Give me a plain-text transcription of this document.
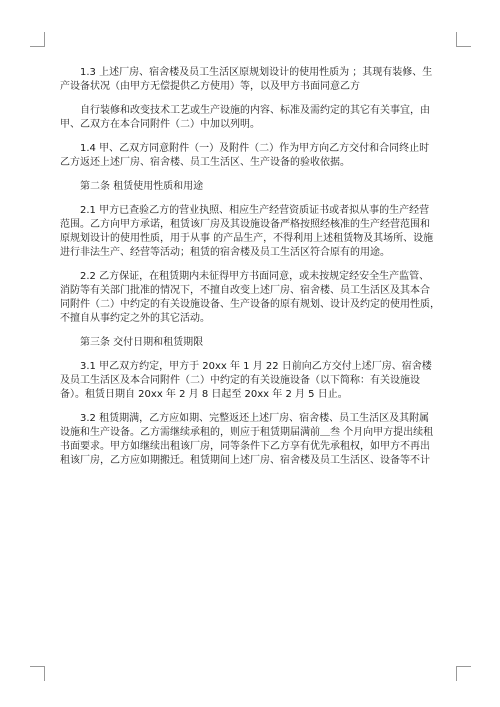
1.3 上述厂房、宿舍楼及员工生活区原规划设计的使用性质为 ；其现有装修、生
产设备状况（由甲方无偿提供乙方使用）等，以及甲方书面同意乙方
自行装修和改变技术工艺或生产设施的内容、标准及需约定的其它有关事宜，由
甲、乙双方在本合同附件（二）中加以列明。
1.4 甲、乙双方同意附件（一）及附件（二）作为甲方向乙方交付和合同终止时
乙方返还上述厂房、宿舍楼、员工生活区、生产设备的验收依据。
第二条 租赁使用性质和用途
2.1 甲方已查验乙方的营业执照、相应生产经营资质证书或者拟从事的生产经营
范围。乙方向甲方承诺，租赁该厂房及其设施设备严格按照经核准的生产经营范围和
原规划设计的使用性质，用于从事 的产品生产，不得利用上述租赁物及其场所、设施
进行非法生产、经营等活动；租赁的宿舍楼及员工生活区符合原有的用途。
2.2 乙方保证，在租赁期内未征得甲方书面同意，或未按规定经安全生产监管、
消防等有关部门批准的情况下，不擅自改变上述厂房、宿舍楼、员工生活区及其本合
同附件（二）中约定的有关设施设备、生产设备的原有规划、设计及约定的使用性质，
不擅自从事约定之外的其它活动。
第三条 交付日期和租赁期限
3.1 甲乙双方约定，甲方于 20xx 年 1 月 22 日前向乙方交付上述厂房、宿舍楼
及员工生活区及本合同附件（二）中约定的有关设施设备（以下简称：有关设施设
备）。租赁日期自 20xx 年 2 月 8 日起至 20xx 年 2 月 5 日止。
3.2 租赁期满，乙方应如期、完整返还上述厂房、宿舍楼、员工生活区及其附属
设施和生产设备。乙方需继续承租的，则应于租赁期届满前＿叁 个月向甲方提出续租
书面要求。甲方如继续出租该厂房，同等条件下乙方享有优先承租权，如甲方不再出
租该厂房，乙方应如期搬迁。租赁期间上述厂房、宿舍楼及员工生活区、设备等不计
